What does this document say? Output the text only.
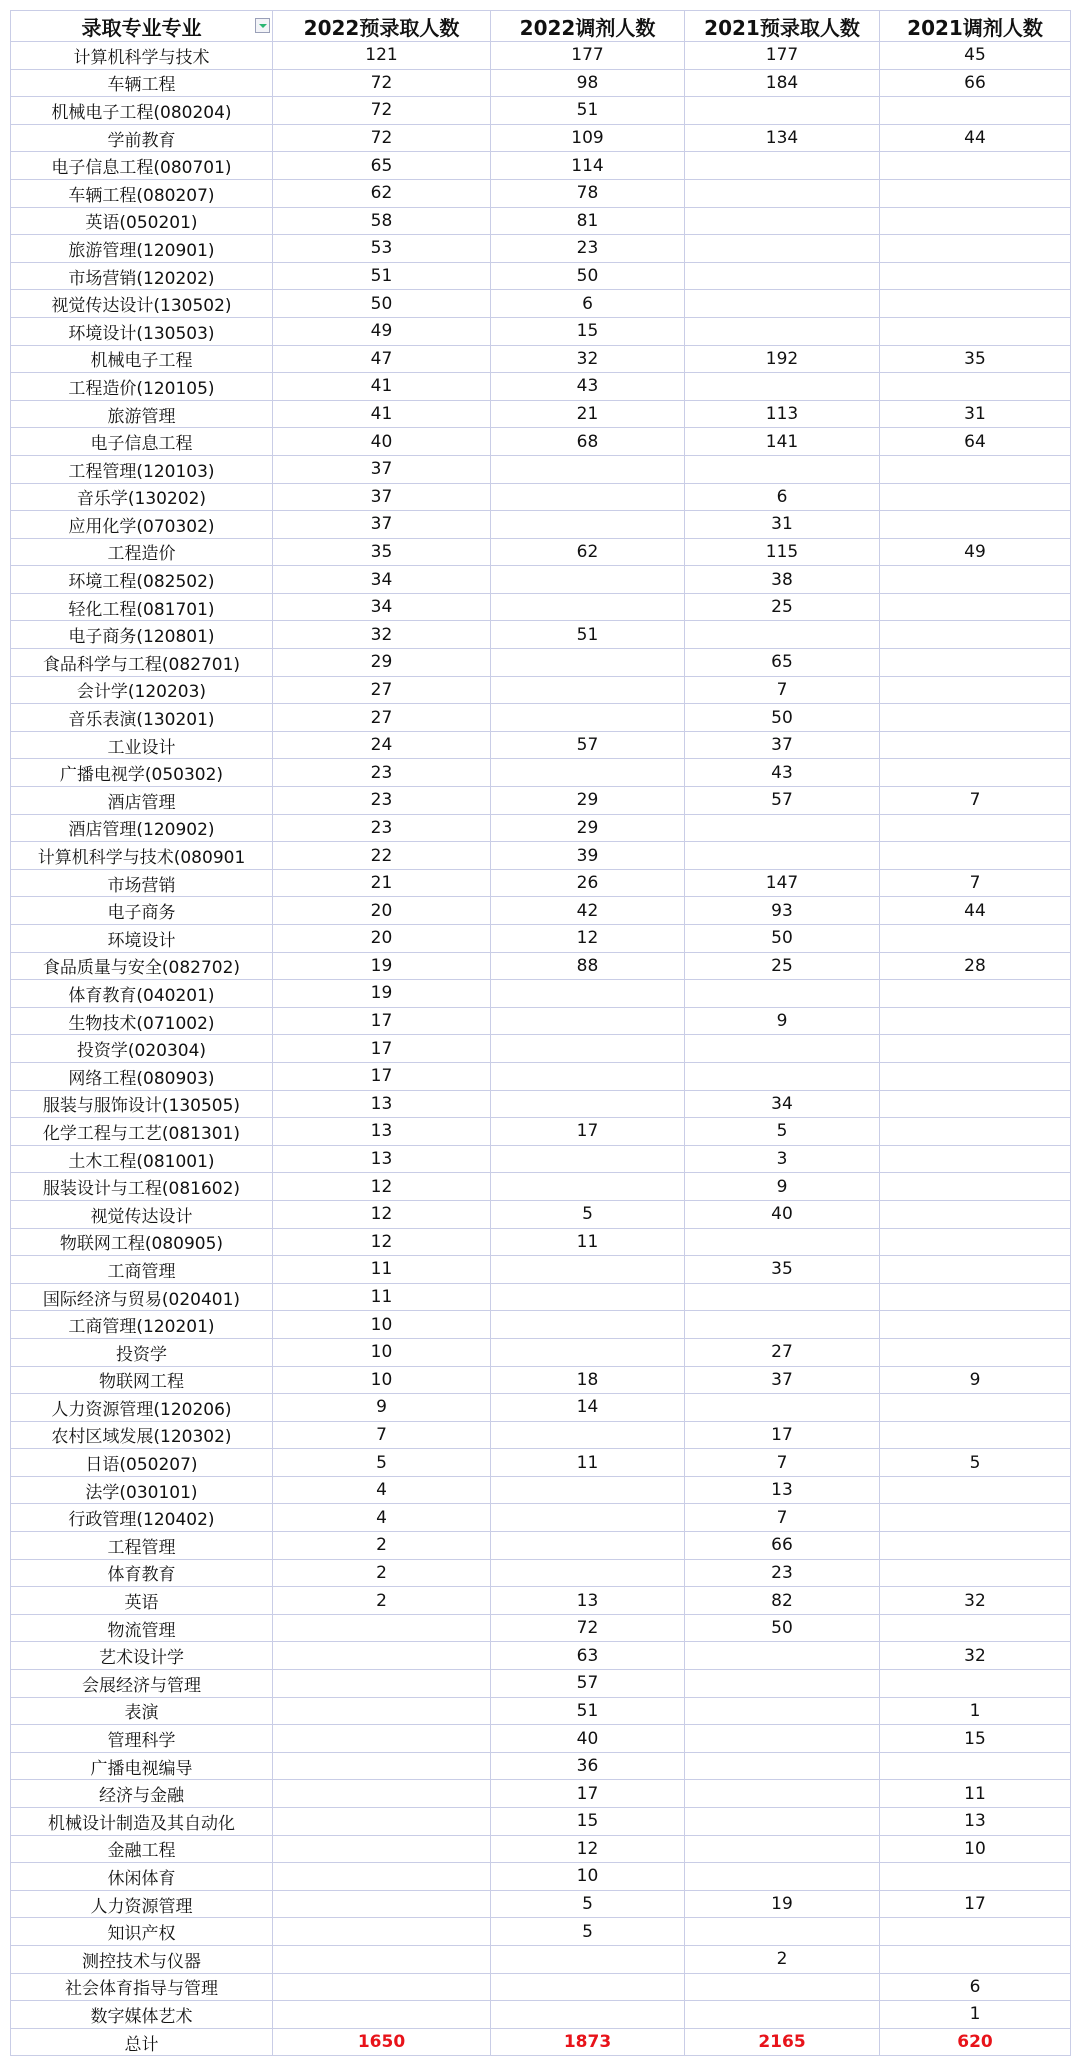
录取专业专业	2022预录取人数	2022调剂人数	2021预录取人数	2021调剂人数
计算机科学与技术	121	177	177	45
车辆工程	72	98	184	66
机械电子工程(080204)	72	51		
学前教育	72	109	134	44
电子信息工程(080701)	65	114		
车辆工程(080207)	62	78		
英语(050201)	58	81		
旅游管理(120901)	53	23		
市场营销(120202)	51	50		
视觉传达设计(130502)	50	6		
环境设计(130503)	49	15		
机械电子工程	47	32	192	35
工程造价(120105)	41	43		
旅游管理	41	21	113	31
电子信息工程	40	68	141	64
工程管理(120103)	37			
音乐学(130202)	37		6	
应用化学(070302)	37		31	
工程造价	35	62	115	49
环境工程(082502)	34		38	
轻化工程(081701)	34		25	
电子商务(120801)	32	51		
食品科学与工程(082701)	29		65	
会计学(120203)	27		7	
音乐表演(130201)	27		50	
工业设计	24	57	37	
广播电视学(050302)	23		43	
酒店管理	23	29	57	7
酒店管理(120902)	23	29		
计算机科学与技术(080901	22	39		
市场营销	21	26	147	7
电子商务	20	42	93	44
环境设计	20	12	50	
食品质量与安全(082702)	19	88	25	28
体育教育(040201)	19			
生物技术(071002)	17		9	
投资学(020304)	17			
网络工程(080903)	17			
服装与服饰设计(130505)	13		34	
化学工程与工艺(081301)	13	17	5	
土木工程(081001)	13		3	
服装设计与工程(081602)	12		9	
视觉传达设计	12	5	40	
物联网工程(080905)	12	11		
工商管理	11		35	
国际经济与贸易(020401)	11			
工商管理(120201)	10			
投资学	10		27	
物联网工程	10	18	37	9
人力资源管理(120206)	9	14		
农村区域发展(120302)	7		17	
日语(050207)	5	11	7	5
法学(030101)	4		13	
行政管理(120402)	4		7	
工程管理	2		66	
体育教育	2		23	
英语	2	13	82	32
物流管理		72	50	
艺术设计学		63		32
会展经济与管理		57		
表演		51		1
管理科学		40		15
广播电视编导		36		
经济与金融		17		11
机械设计制造及其自动化		15		13
金融工程		12		10
休闲体育		10		
人力资源管理		5	19	17
知识产权		5		
测控技术与仪器			2	
社会体育指导与管理				6
数字媒体艺术				1
总计	1650	1873	2165	620
